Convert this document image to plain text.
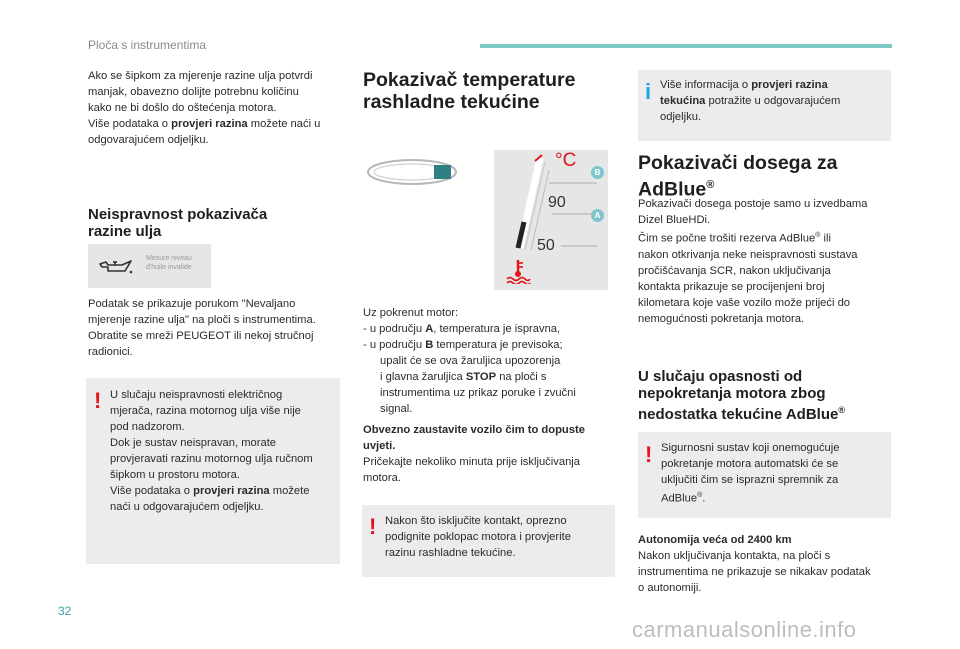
Ploča s instrumentima
Ako se šipkom za mjerenje razine ulja potvrdi
manjak, obavezno dolijte potrebnu količinu
kako ne bi došlo do oštećenja motora.
Više podataka o provjeri razina možete naći u
odgovarajućem odjeljku.
Neispravnost pokazivača
razine ulja
Mesure niveau
d'huile invalide
Podatak se prikazuje porukom "Nevaljano
mjerenje razine ulja" na ploči s instrumentima.
Obratite se mreži PEUGEOT ili nekoj stručnoj
radionici.
! U slučaju neispravnosti električnog
mjerača, razina motornog ulja više nije
pod nadzorom.
Dok je sustav neispravan, morate
provjeravati razinu motornog ulja ručnom
šipkom u prostoru motora.
Više podataka o provjeri razina možete
naći u odgovarajućem odjeljku.
Pokazivač temperature
rashladne tekućine
°C
90
50
B
A
Uz pokrenut motor:
- u području A, temperatura je ispravna,
- u području B temperatura je previsoka;
upalit će se ova žaruljica upozorenja
i glavna žaruljica STOP na ploči s
instrumentima uz prikaz poruke i zvučni
signal.
Obvezno zaustavite vozilo čim to dopuste
uvjeti.
Pričekajte nekoliko minuta prije isključivanja
motora.
! Nakon što isključite kontakt, oprezno
podignite poklopac motora i provjerite
razinu rashladne tekućine.
i Više informacija o provjeri razina
tekućina potražite u odgovarajućem
odjeljku.
Pokazivači dosega za
AdBlue®
Pokazivači dosega postoje samo u izvedbama
Dizel BlueHDi.
Čim se počne trošiti rezerva AdBlue® ili
nakon otkrivanja neke neispravnosti sustava
pročišćavanja SCR, nakon uključivanja
kontakta prikazuje se procijenjeni broj
kilometara koje vaše vozilo može prijeći do
nemogućnosti pokretanja motora.
U slučaju opasnosti od
nepokretanja motora zbog
nedostatka tekućine AdBlue®
! Sigurnosni sustav koji onemogućuje
pokretanje motora automatski će se
uključiti čim se isprazni spremnik za
AdBlue®.
Autonomija veća od 2400 km
Nakon uključivanja kontakta, na ploči s
instrumentima ne prikazuje se nikakav podatak
o autonomiji.
32
carmanualsonline.info
